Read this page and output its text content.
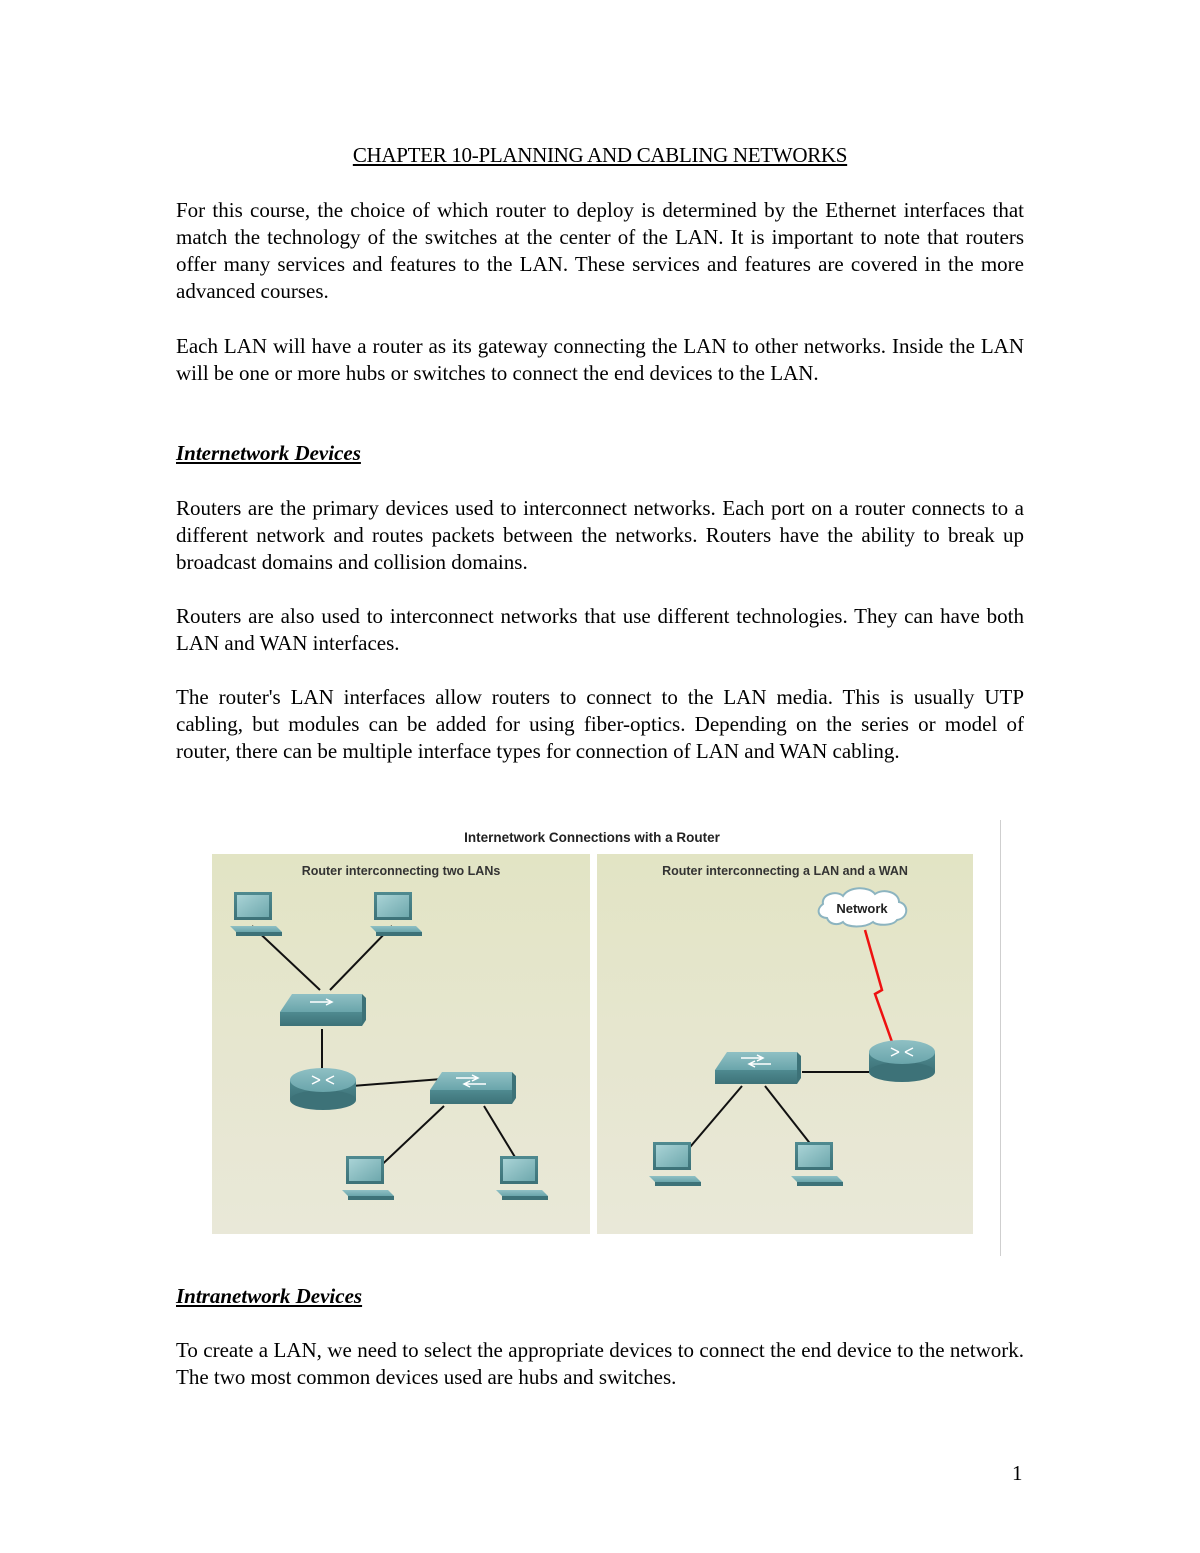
CHAPTER 10-PLANNING AND CABLING NETWORKS

For this course, the choice of which router to deploy is determined by the Ethernet interfaces that match the technology of the switches at the center of the LAN. It is important to note that routers offer many services and features to the LAN. These services and features are covered in the more advanced courses.

Each LAN will have a router as its gateway connecting the LAN to other networks. Inside the LAN will be one or more hubs or switches to connect the end devices to the LAN.

Internetwork Devices

Routers are the primary devices used to interconnect networks. Each port on a router connects to a different network and routes packets between the networks. Routers have the ability to break up broadcast domains and collision domains.

Routers are also used to interconnect networks that use different technologies. They can have both LAN and WAN interfaces.

The router's LAN interfaces allow routers to connect to the LAN media. This is usually UTP cabling, but modules can be added for using fiber-optics. Depending on the series or model of router, there can be multiple interface types for connection of LAN and WAN cabling.

Internetwork Connections with a Router
Router interconnecting two LANs	Router interconnecting a LAN and a WAN
Network
Intranetwork Devices

To create a LAN, we need to select the appropriate devices to connect the end device to the network. The two most common devices used are hubs and switches.

1
